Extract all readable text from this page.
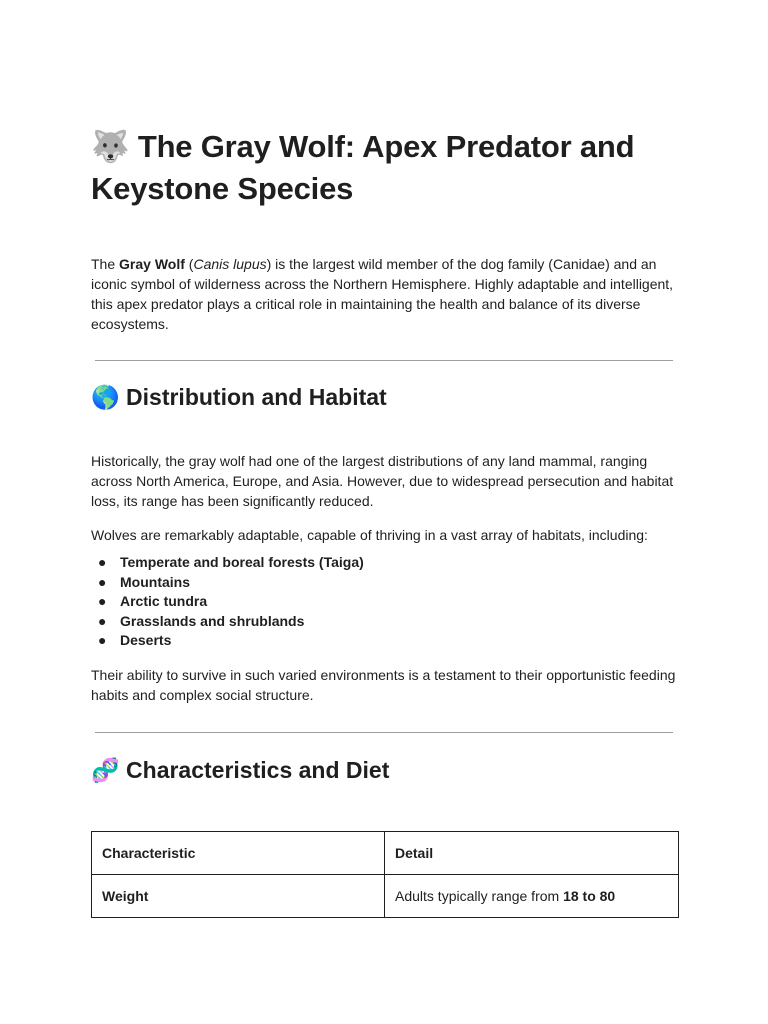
🐺 The Gray Wolf: Apex Predator and
Keystone Species

The Gray Wolf (Canis lupus) is the largest wild member of the dog family (Canidae) and an iconic symbol of wilderness across the Northern Hemisphere. Highly adaptable and intelligent, this apex predator plays a critical role in maintaining the health and balance of its diverse ecosystems.

🌎 Distribution and Habitat

Historically, the gray wolf had one of the largest distributions of any land mammal, ranging across North America, Europe, and Asia. However, due to widespread persecution and habitat loss, its range has been significantly reduced.

Wolves are remarkably adaptable, capable of thriving in a vast array of habitats, including:

● Temperate and boreal forests (Taiga)
● Mountains
● Arctic tundra
● Grasslands and shrublands
● Deserts

Their ability to survive in such varied environments is a testament to their opportunistic feeding habits and complex social structure.

🧬 Characteristics and Diet
Characteristic	Detail
Weight	Adults typically range from 18 to 80
